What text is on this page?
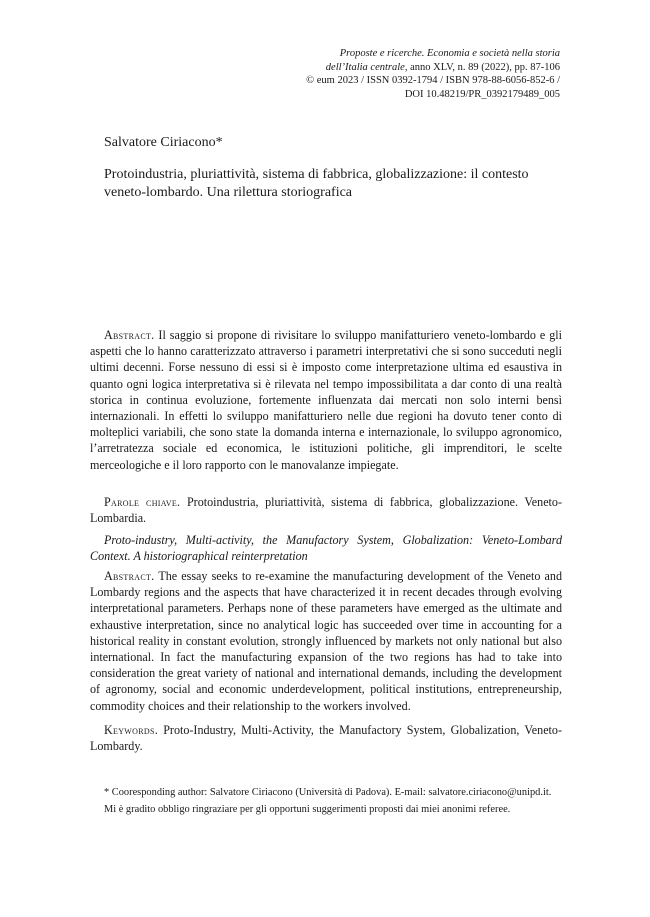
Proposte e ricerche. Economia e società nella storia
dell’Italia centrale, anno XLV, n. 89 (2022), pp. 87-106
© eum 2023 / ISSN 0392-1794 / ISBN 978-88-6056-852-6 /
DOI 10.48219/PR_0392179489_005
Salvatore Ciriacono*
Protoindustria, pluriattività, sistema di fabbrica, globalizzazione: il contesto veneto-lombardo. Una rilettura storiografica
Abstract. Il saggio si propone di rivisitare lo sviluppo manifatturiero veneto-lombardo e gli aspetti che lo hanno caratterizzato attraverso i parametri interpretativi che si sono succeduti negli ultimi decenni. Forse nessuno di essi si è imposto come interpretazione ultima ed esaustiva in quanto ogni logica interpretativa si è rilevata nel tempo impossibilitata a dar conto di una realtà storica in continua evoluzione, fortemente influenzata dai mercati non solo interni bensì internazionali. In effetti lo sviluppo manifatturiero nelle due regioni ha dovuto tener conto di molteplici variabili, che sono state la domanda interna e internazionale, lo sviluppo agronomico, l’arretratezza sociale ed economica, le istituzioni politiche, gli imprenditori, le scelte merceologiche e il loro rapporto con le manovalanze impiegate.
Parole chiave. Protoindustria, pluriattività, sistema di fabbrica, globalizzazione. Veneto-Lombardia.
Proto-industry, Multi-activity, the Manufactory System, Globalization: Veneto-Lombard Context. A historiographical reinterpretation
Abstract. The essay seeks to re-examine the manufacturing development of the Veneto and Lombardy regions and the aspects that have characterized it in recent decades through evolving interpretational parameters. Perhaps none of these parameters have emerged as the ultimate and exhaustive interpretation, since no analytical logic has succeeded over time in accounting for a historical reality in constant evolution, strongly influenced by markets not only national but also international. In fact the manufacturing expansion of the two regions has had to take into consideration the great variety of national and international demands, including the development of agronomy, social and economic underdevelopment, political institutions, entrepreneurship, commodity choices and their relationship to the workers involved.
Keywords. Proto-Industry, Multi-Activity, the Manufactory System, Globalization, Veneto-Lombardy.

* Cooresponding author: Salvatore Ciriacono (Università di Padova). E-mail: salvatore.ciriacono@unipd.it.

Mi è gradito obbligo ringraziare per gli opportuni suggerimenti proposti dai miei anonimi referee.
